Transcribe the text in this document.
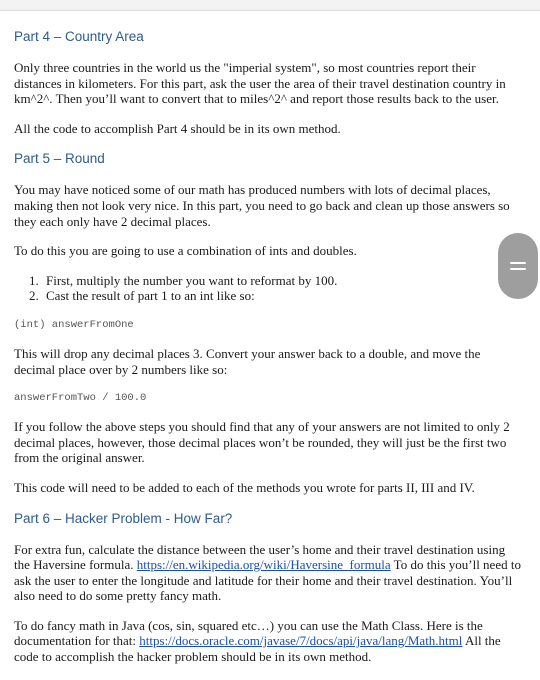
Part 4 – Country Area

Only three countries in the world us the "imperial system", so most countries report their distances in kilometers. For this part, ask the user the area of their travel destination country in km^2^. Then you’ll want to convert that to miles^2^ and report those results back to the user.

All the code to accomplish Part 4 should be in its own method.

Part 5 – Round

You may have noticed some of our math has produced numbers with lots of decimal places, making then not look very nice. In this part, you need to go back and clean up those answers so they each only have 2 decimal places.

To do this you are going to use a combination of ints and doubles.

1. First, multiply the number you want to reformat by 100.
2. Cast the result of part 1 to an int like so:
(int) answerFromOne

This will drop any decimal places 3. Convert your answer back to a double, and move the decimal place over by 2 numbers like so:

answerFromTwo / 100.0

If you follow the above steps you should find that any of your answers are not limited to only 2 decimal places, however, those decimal places won’t be rounded, they will just be the first two from the original answer.

This code will need to be added to each of the methods you wrote for parts II, III and IV.

Part 6 – Hacker Problem - How Far?

For extra fun, calculate the distance between the user’s home and their travel destination using the Haversine formula. https://en.wikipedia.org/wiki/Haversine_formula To do this you’ll need to ask the user to enter the longitude and latitude for their home and their travel destination. You’ll also need to do some pretty fancy math.

To do fancy math in Java (cos, sin, squared etc…) you can use the Math Class. Here is the documentation for that: https://docs.oracle.com/javase/7/docs/api/java/lang/Math.html All the code to accomplish the hacker problem should be in its own method.
